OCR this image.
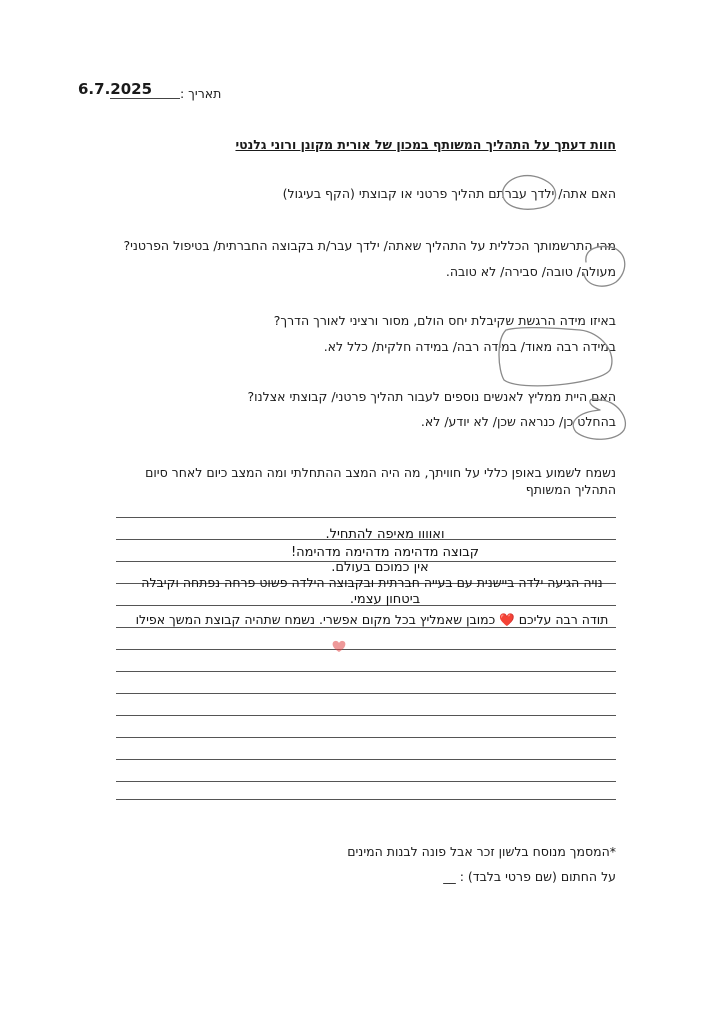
6.7.2025 תאריך :
חוות דעתך על התהליך המשותף במכון של אורית מקונן ורוני גלנטי
האם אתה/ ילדך עברתם תהליך פרטני או קבוצתי (הקף בעיגול)
מהי התרשמותך הכללית על התהליך שאתה/ ילדך עבר/ת בקבוצה החברתית/ בטיפול הפרטני?
מעולה/ טובה/ סבירה/ לא טובה.
באיזו מידה הרגשת שקיבלת יחס הולם, מסור ורציני לאורך הדרך?
במידה רבה מאוד/ במידה רבה/ במידה חלקית/ כלל לא.
האם היית ממליץ לאנשים נוספים לעבור תהליך פרטני/ קבוצתי אצלנו?
בהחלט כן/ כנראה שכן/ לא יודע/ לא.
נשמח לשמוע באופן כללי על חוויתך, מה היה המצב ההתחלתי ומה המצב כיום לאחר סיום
התהליך המשותף
ואוווו מאיפה להתחיל.
קבוצה מדהימה מדהימה מדהימה!
אין כמוכם בעולם.
נויה הגיעה ילדה ביישנית עם בעייה חברתית ובקבוצה הילדה פשוט פרחה נפתחה וקיבלה
ביטחון עצמי.
תודה רבה עליכם ❤️ כמובן שאמליץ בכל מקום אפשרי. נשמח שתהיה קבוצת המשך אפילו
*המסמך מנוסח בלשון זכר אבל פונה לבנות המינים
על החתום (שם פרטי בלבד) : __
